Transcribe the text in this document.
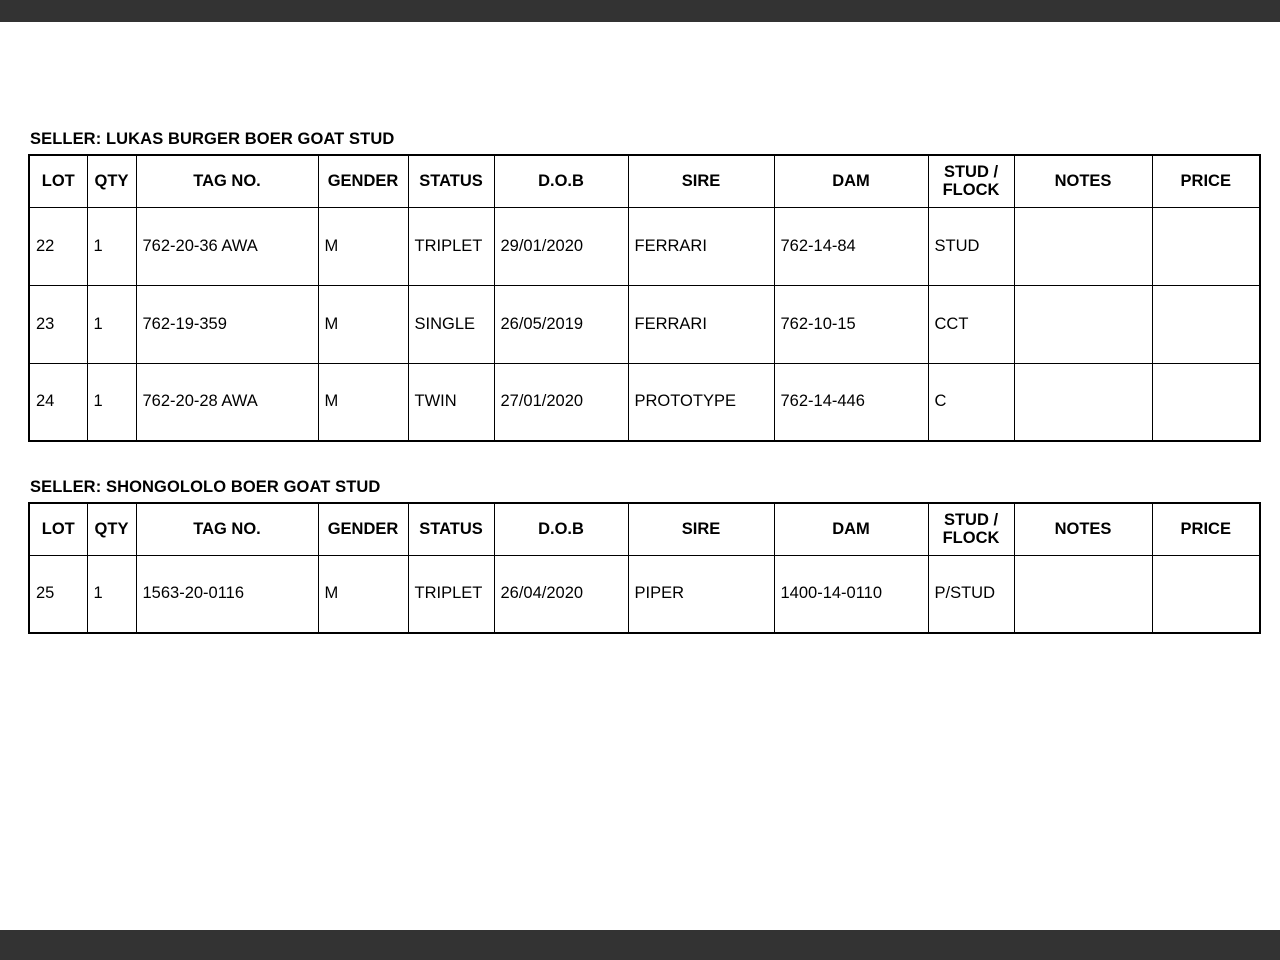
SELLER: LUKAS BURGER BOER GOAT STUD
LOT	QTY	TAG NO.	GENDER	STATUS	D.O.B	SIRE	DAM	STUD /
FLOCK	NOTES	PRICE
22	1	762-20-36 AWA	M	TRIPLET	29/01/2020	FERRARI	762-14-84	STUD		
23	1	762-19-359	M	SINGLE	26/05/2019	FERRARI	762-10-15	CCT		
24	1	762-20-28 AWA	M	TWIN	27/01/2020	PROTOTYPE	762-14-446	C		
SELLER: SHONGOLOLO BOER GOAT STUD
LOT	QTY	TAG NO.	GENDER	STATUS	D.O.B	SIRE	DAM	STUD /
FLOCK	NOTES	PRICE
25	1	1563-20-0116	M	TRIPLET	26/04/2020	PIPER	1400-14-0110	P/STUD		
